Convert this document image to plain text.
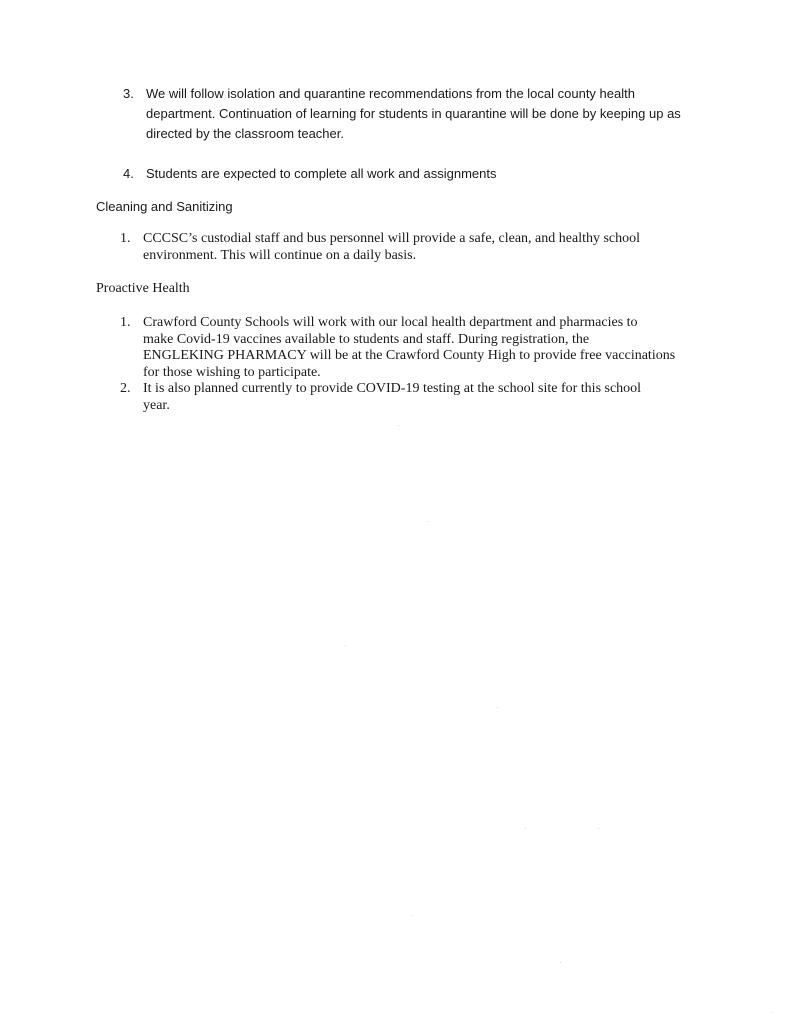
3. We will follow isolation and quarantine recommendations from the local county health
department. Continuation of learning for students in quarantine will be done by keeping up as
directed by the classroom teacher.
4. Students are expected to complete all work and assignments
Cleaning and Sanitizing
1. CCCSC’s custodial staff and bus personnel will provide a safe, clean, and healthy school
environment. This will continue on a daily basis.
Proactive Health
1. Crawford County Schools will work with our local health department and pharmacies to
make Covid-19 vaccines available to students and staff. During registration, the
ENGLEKING PHARMACY will be at the Crawford County High to provide free vaccinations
for those wishing to participate.
2. It is also planned currently to provide COVID-19 testing at the school site for this school
year.
